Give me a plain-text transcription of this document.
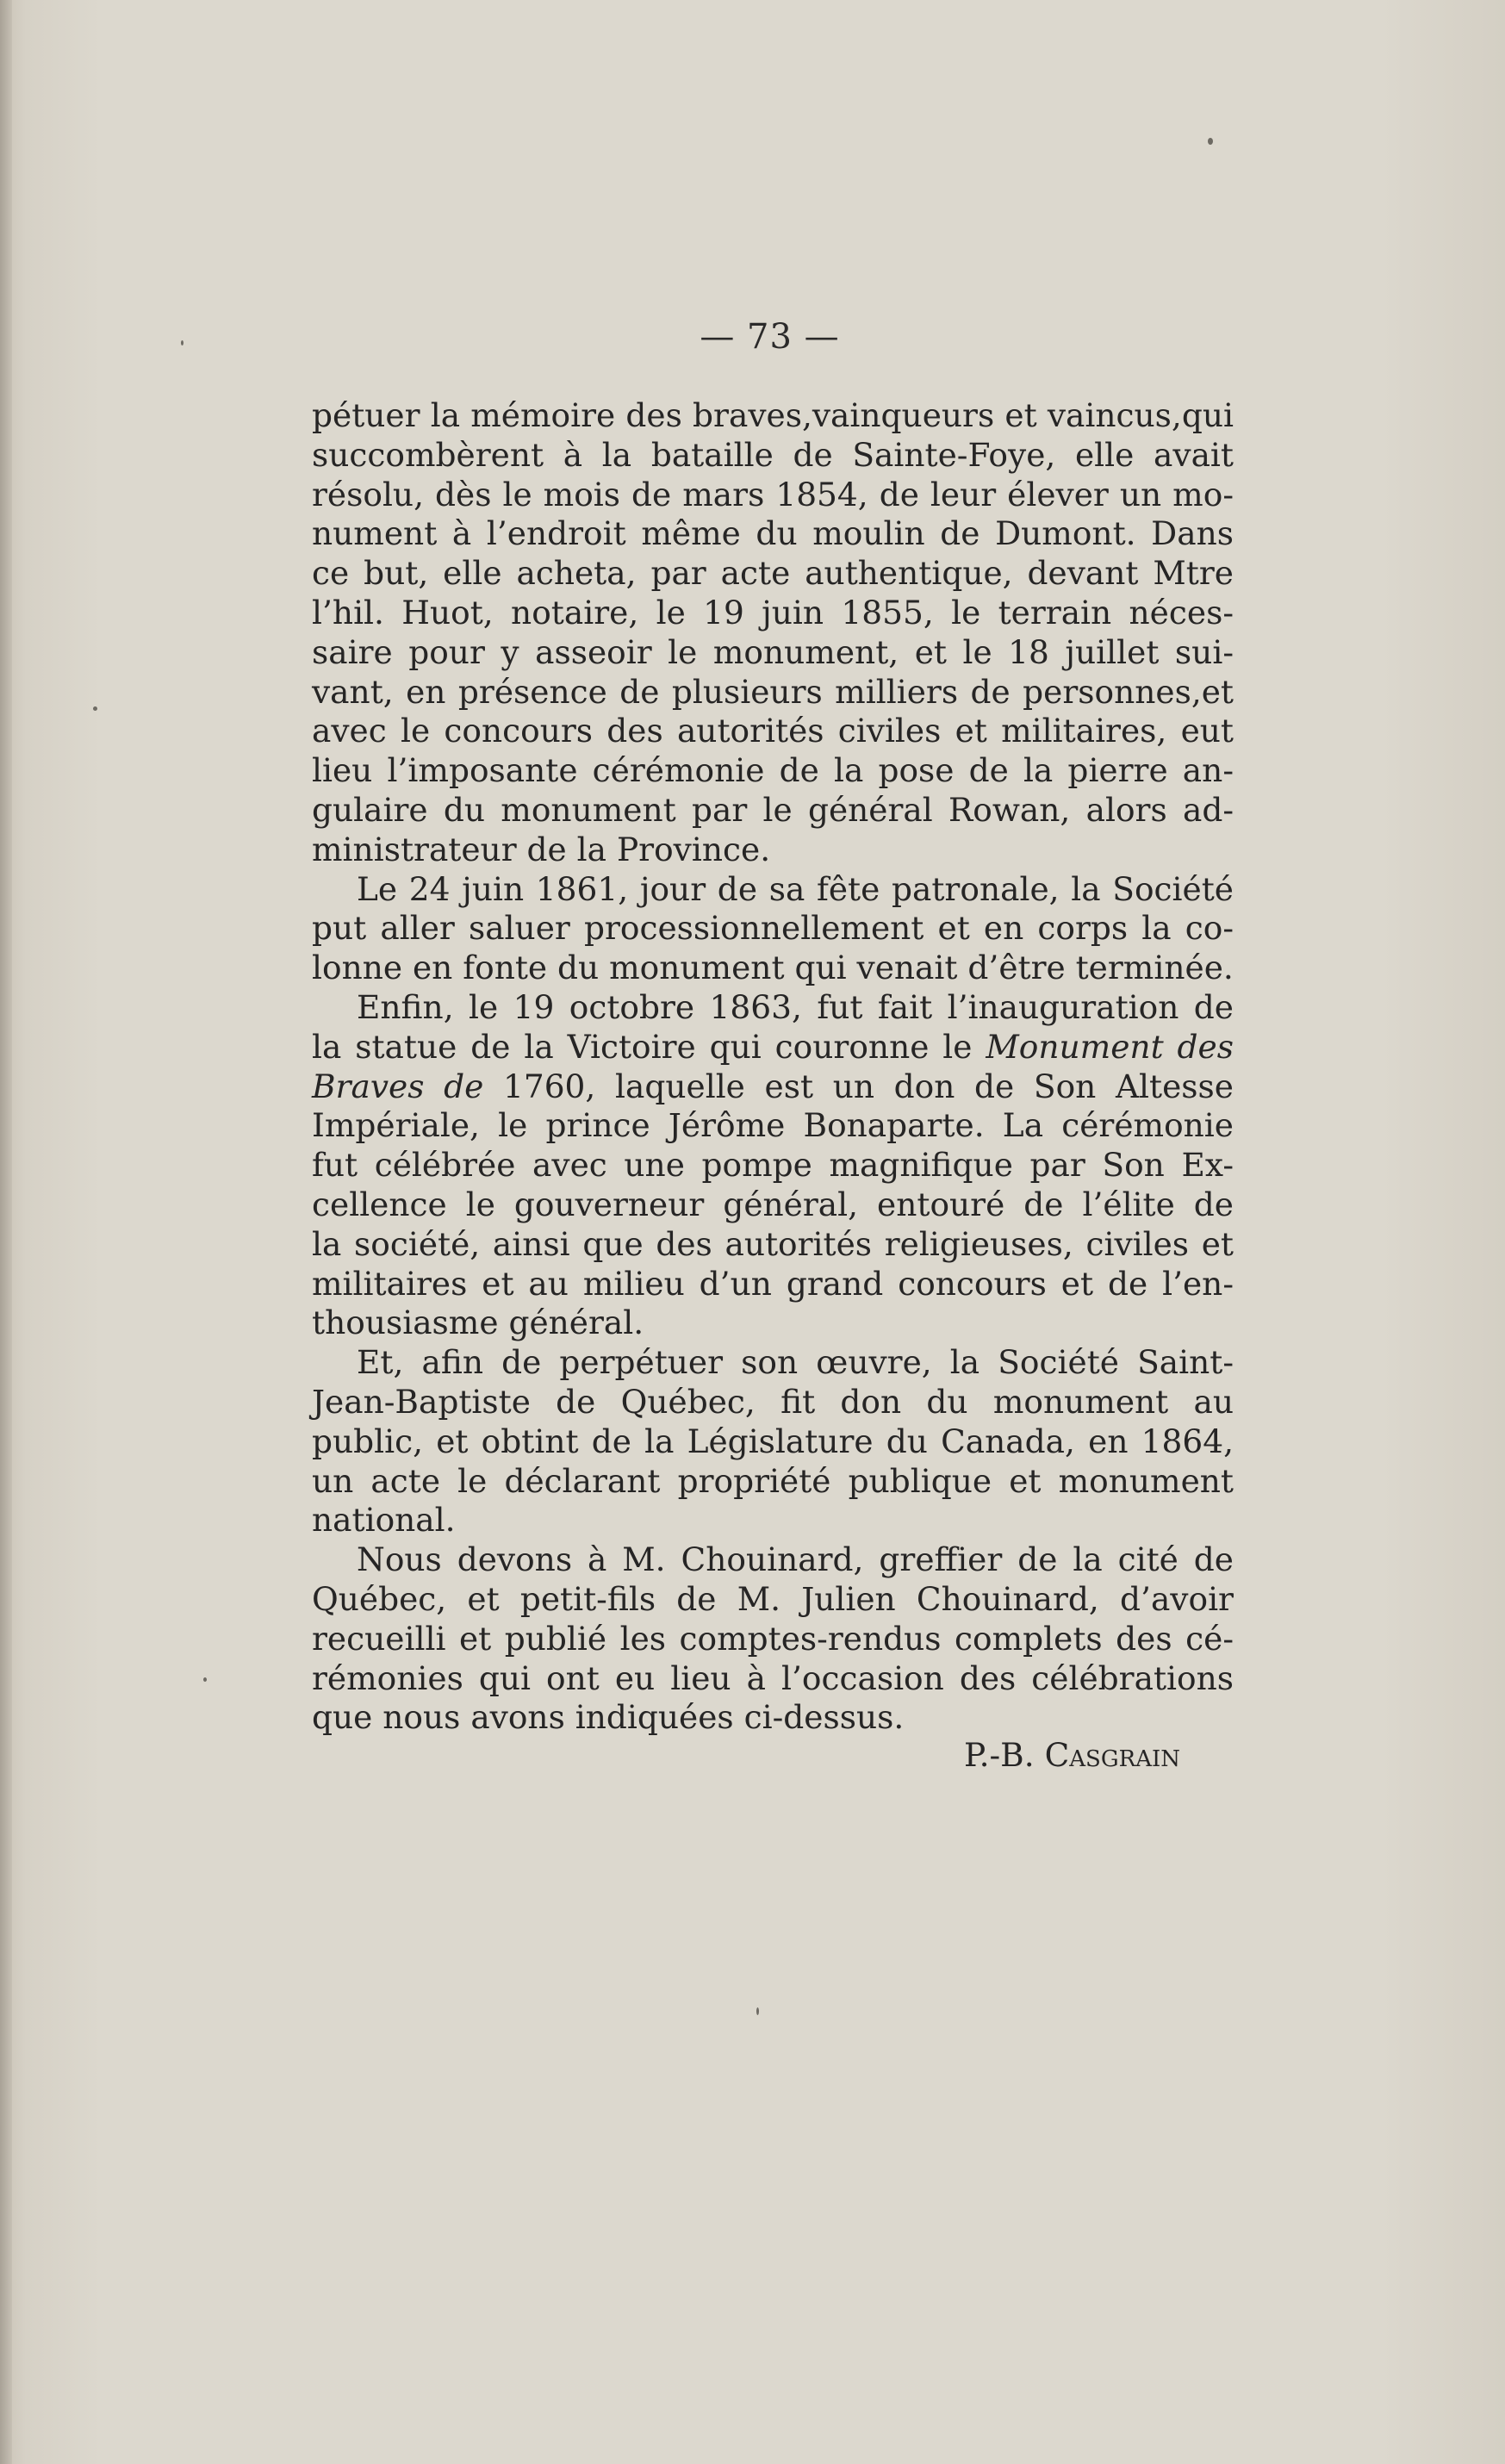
— 73 —
pétuer la mémoire des braves,vainqueurs et vaincus,qui
succombèrent à la bataille de Sainte-Foye, elle avait
résolu, dès le mois de mars 1854, de leur élever un mo-
nument à l’endroit même du moulin de Dumont. Dans
ce but, elle acheta, par acte authentique, devant Mtre
l’hil. Huot, notaire, le 19 juin 1855, le terrain néces-
saire pour y asseoir le monument, et le 18 juillet sui-
vant, en présence de plusieurs milliers de personnes,et
avec le concours des autorités civiles et militaires, eut
lieu l’imposante cérémonie de la pose de la pierre an-
gulaire du monument par le général Rowan, alors ad-
ministrateur de la Province.
Le 24 juin 1861, jour de sa fête patronale, la Société
put aller saluer processionnellement et en corps la co-
lonne en fonte du monument qui venait d’être terminée.
Enfin, le 19 octobre 1863, fut fait l’inauguration de
la statue de la Victoire qui couronne le Monument des
Braves de 1760, laquelle est un don de Son Altesse
Impériale, le prince Jérôme Bonaparte. La cérémonie
fut célébrée avec une pompe magnifique par Son Ex-
cellence le gouverneur général, entouré de l’élite de
la société, ainsi que des autorités religieuses, civiles et
militaires et au milieu d’un grand concours et de l’en-
thousiasme général.
Et, afin de perpétuer son œuvre, la Société Saint-
Jean-Baptiste de Québec, fit don du monument au
public, et obtint de la Législature du Canada, en 1864,
un acte le déclarant propriété publique et monument
national.
Nous devons à M. Chouinard, greffier de la cité de
Québec, et petit-fils de M. Julien Chouinard, d’avoir
recueilli et publié les comptes-rendus complets des cé-
rémonies qui ont eu lieu à l’occasion des célébrations
que nous avons indiquées ci-dessus.
P.-B. Casgrain
